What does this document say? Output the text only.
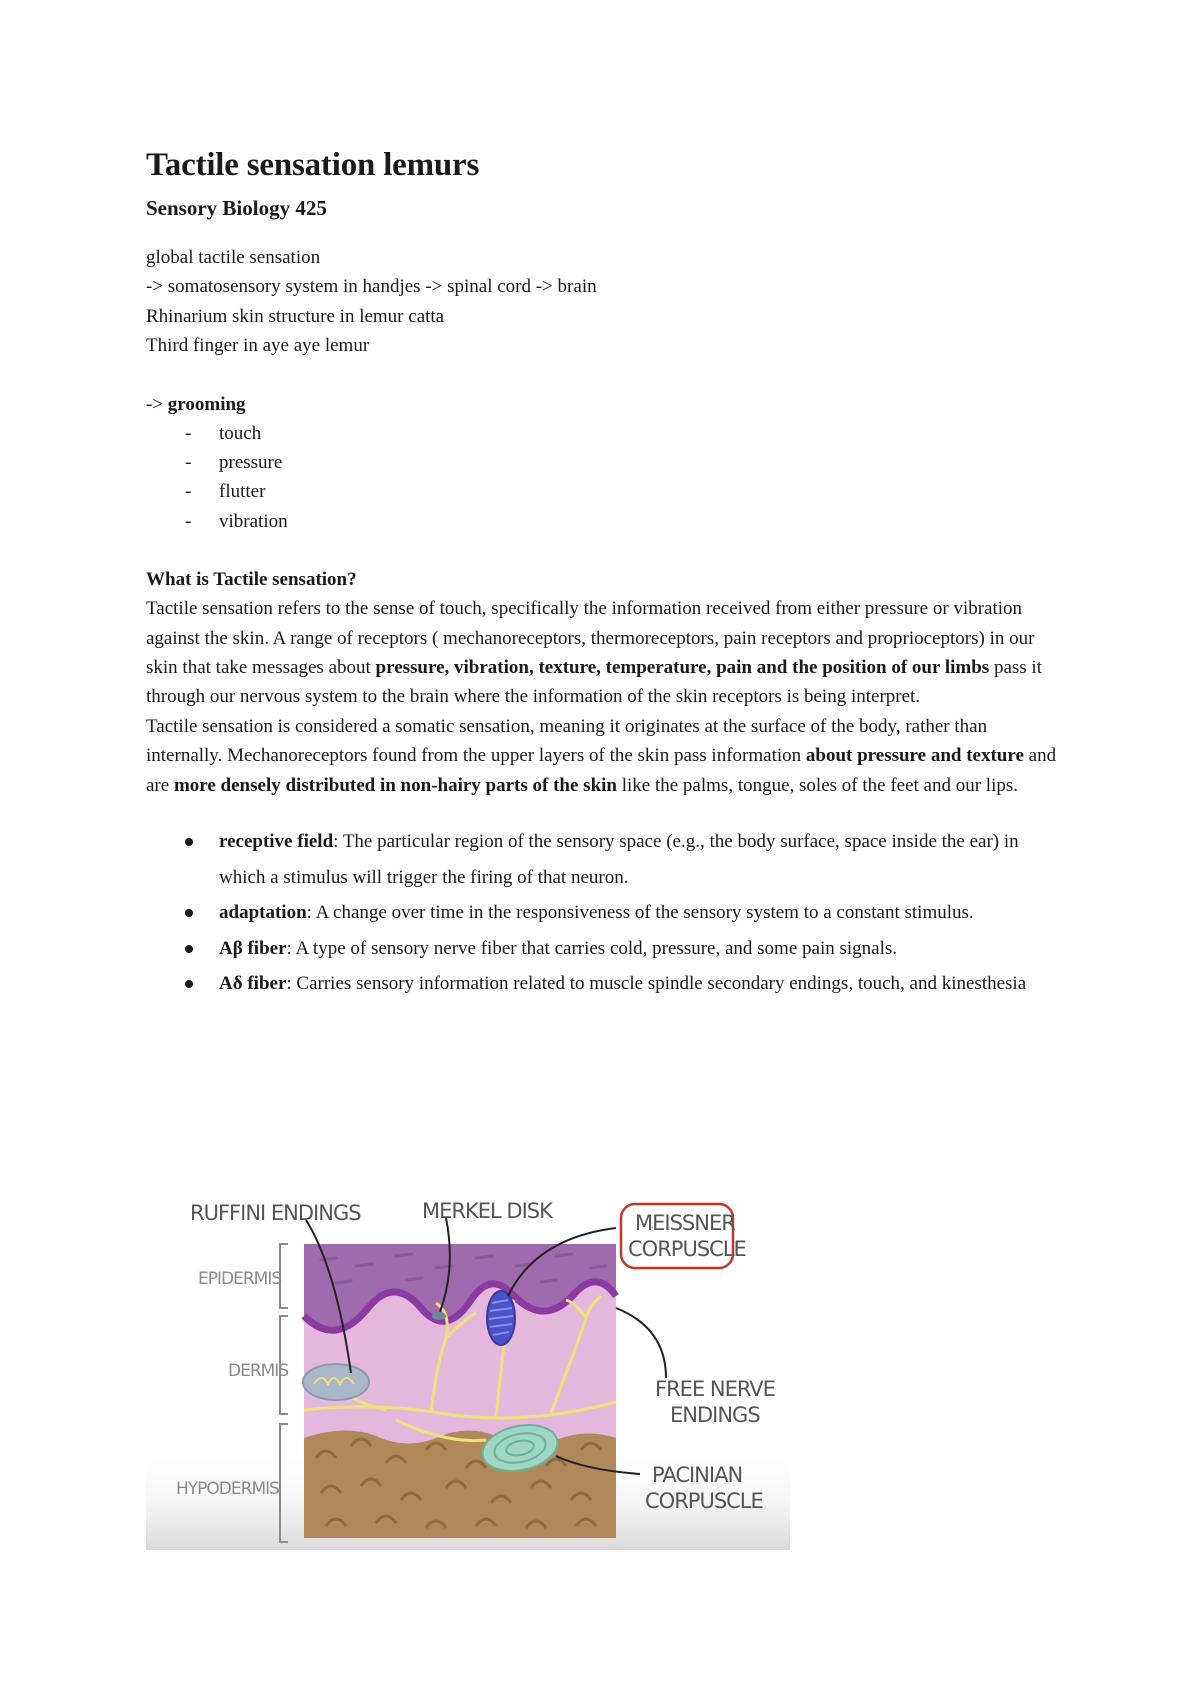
Tactile sensation lemurs

Sensory Biology 425

global tactile sensation

-> somatosensory system in handjes -> spinal cord -> brain

Rhinarium skin structure in lemur catta

Third finger in aye aye lemur

-> grooming

- touch
- pressure
- flutter
- vibration

What is Tactile sensation?

Tactile sensation refers to the sense of touch, specifically the information received from either pressure or vibration against the skin. A range of receptors ( mechanoreceptors, thermoreceptors, pain receptors and proprioceptors) in our skin that take messages about pressure, vibration, texture, temperature, pain and the position of our limbs pass it through our nervous system to the brain where the information of the skin receptors is being interpret.

Tactile sensation is considered a somatic sensation, meaning it originates at the surface of the body, rather than internally. Mechanoreceptors found from the upper layers of the skin pass information about pressure and texture and are more densely distributed in non-hairy parts of the skin like the palms, tongue, soles of the feet and our lips.

receptive field: The particular region of the sensory space (e.g., the body surface, space inside the ear) in which a stimulus will trigger the firing of that neuron.
adaptation: A change over time in the responsiveness of the sensory system to a constant stimulus.
Aβ fiber: A type of sensory nerve fiber that carries cold, pressure, and some pain signals.
Aδ fiber: Carries sensory information related to muscle spindle secondary endings, touch, and kinesthesia
RUFFINI ENDINGS	MERKEL DISK	MEISSNER
CORPUSCLE
FREE NERVE
ENDINGS
PACINIAN
CORPUSCLE
EPIDERMIS
DERMIS
HYPODERMIS
